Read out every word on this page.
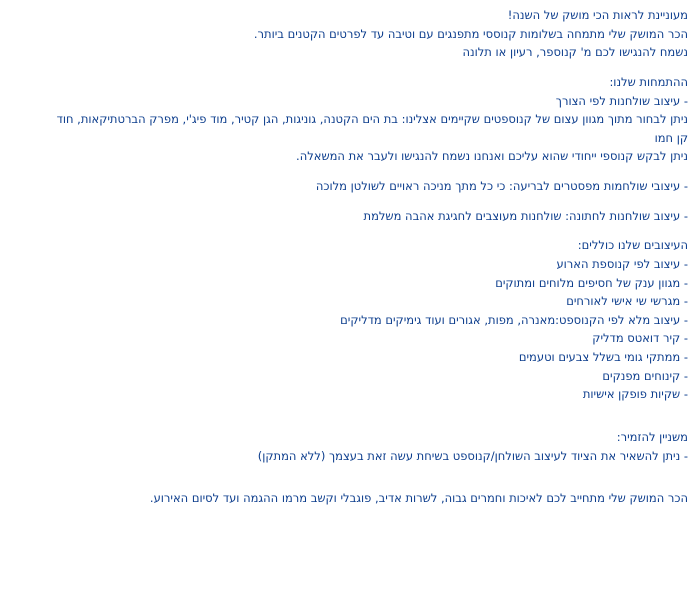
מעוניינת לראות הכי מושק של השנה!
הכר המושק שלי מתמחה בשלומות קנוססי מתפנגים עם וטיבה עד לפרטים הקטנים ביותר.
נשמח להנגישו לכם מ' קנוספר, רעיון או תלונה
ההתמחות שלנו:
- עיצוב שולחנות לפי הצורך
ניתן לבחור מתוך מגוון עצום של קנוספטים שקיימים אצלינו: בת הים הקטנה, גוניגות, הגן קטיר, מוד פיג'י, מפרק הברטתיקאות, חוד
קן חמו
ניתן לבקש קנוספי ייחודי שהוא עליכם ואנחנו נשמח להנגישו ולעבר את המשאלה.
- עיצובי שולחמות מפסטרים לבריעה: כי כל מתך מניכה ראויים לשולטן מלוכה
- עיצוב שולחנות לחתונה: שולחנות מעוצבים לחגיגת אהבה משלמת
העיצובים שלנו כוללים:
- עיצוב לפי קנוספת הארוע
- מגוון ענק של חסיפים מלוחים ומתוקים
- מגרשי שי אישי לאורחים
- עיצוב מלא לפי הקנוספט:מאנרה, מפות, אגורים ועוד גימיקים מדליקים
- קיר דואטס מדליק
- ממתקי גומי בשלל צבעים וטעמים
- קינוחים מפנקים
- שקיות פופקן אישיות
משניין להזמיר:
- ניתן להשאיר את הציוד לעיצוב השולחן/קנוספט בשיחת עשה זאת בעצמך (ללא המתקן)
הכר המושק שלי מתחייב לכם לאיכות וחמרים גבוה, לשרות אדיב, פוגבלי וקשב מרמו ההגמה ועד לסיום האירוע.
